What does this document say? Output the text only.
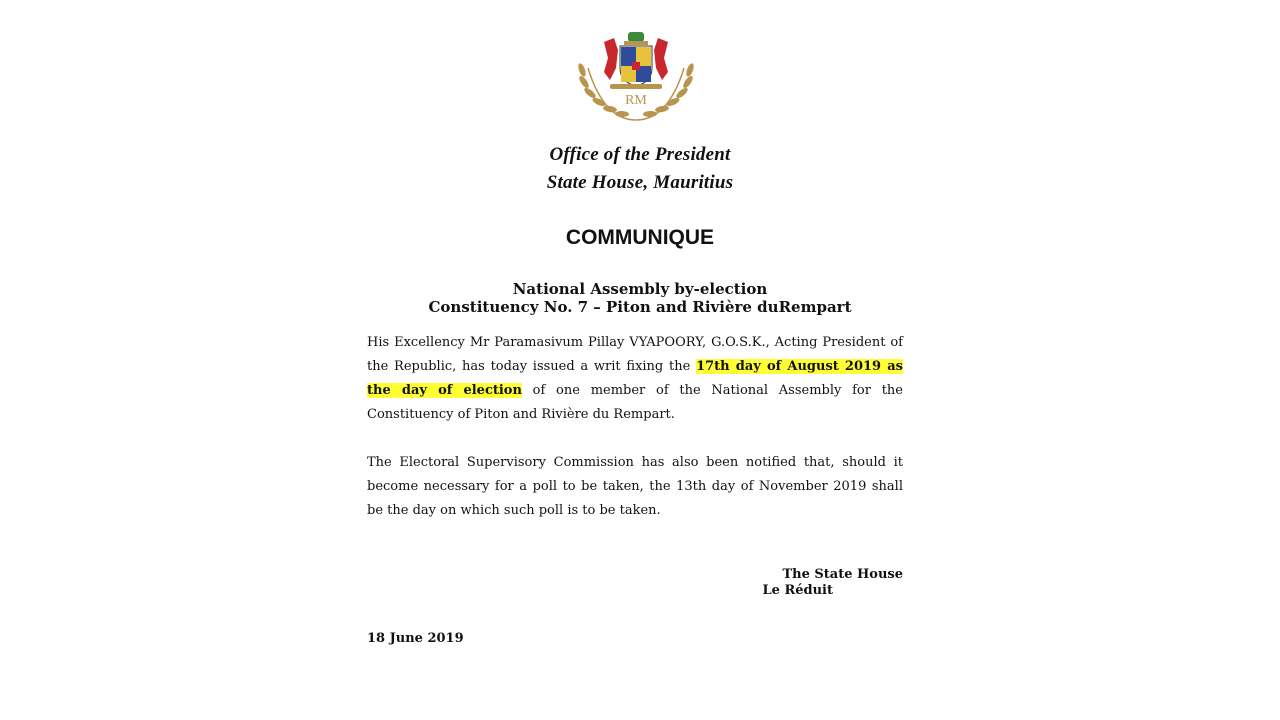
RM
Office of the President
State House, Mauritius
COMMUNIQUE
National Assembly by-election
Constituency No. 7 – Piton and Rivière duRempart
His Excellency Mr Paramasivum Pillay VYAPOORY, G.O.S.K., Acting President of the Republic, has today issued a writ fixing the 17th day of August 2019 as the day of election of one member of the National Assembly for the Constituency of Piton and Rivière du Rempart.
The Electoral Supervisory Commission has also been notified that, should it become necessary for a poll to be taken, the 13th day of November 2019 shall be the day on which such poll is to be taken.
The State House
Le Réduit
18 June 2019
